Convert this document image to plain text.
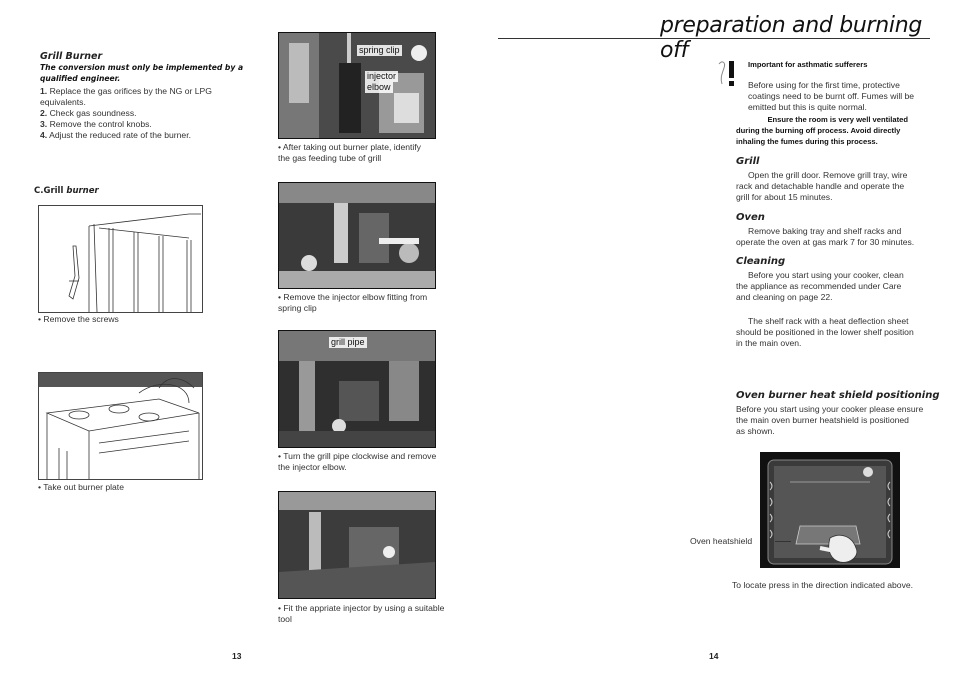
Grill Burner
The conversion must only be implemented by a
qualified engineer.
1. Replace the gas orifices by the NG or LPG
equivalents.
2. Check gas soundness.
3. Remove the control knobs.
4. Adjust the reduced rate of the burner.
C.Grill burner
• Remove the screws
• Take out burner plate
spring clip
injector
elbow
• After taking out burner plate, identify
the gas feeding tube of grill
• Remove the injector elbow fitting from
spring clip
grill pipe
• Turn the grill pipe clockwise and remove
the injector elbow.
• Fit the appriate injector by using a suitable
tool
13
preparation and burning off
Important for asthmatic sufferers
Before using for the first time, protective
coatings need to be burnt off. Fumes will be
emitted but this is quite normal.
Ensure the room is very well ventilated
during the burning off process. Avoid directly
inhaling the fumes during this process.
Grill
Open the grill door. Remove grill tray, wire
rack and detachable handle and operate the
grill for about 15 minutes.
Oven
Remove baking tray and shelf racks and
operate the oven at gas mark 7 for 30 minutes.
Cleaning
Before you start using your cooker, clean
the appliance as recommended under Care
and cleaning on page 22.
The shelf rack with a heat deflection sheet
should be positioned in the lower shelf position
in the main oven.
Oven burner heat shield positioning
Before you start using your cooker please ensure
the main oven burner heatshield is positioned
as shown.
Oven heatshield
To locate press in the direction indicated above.
14
